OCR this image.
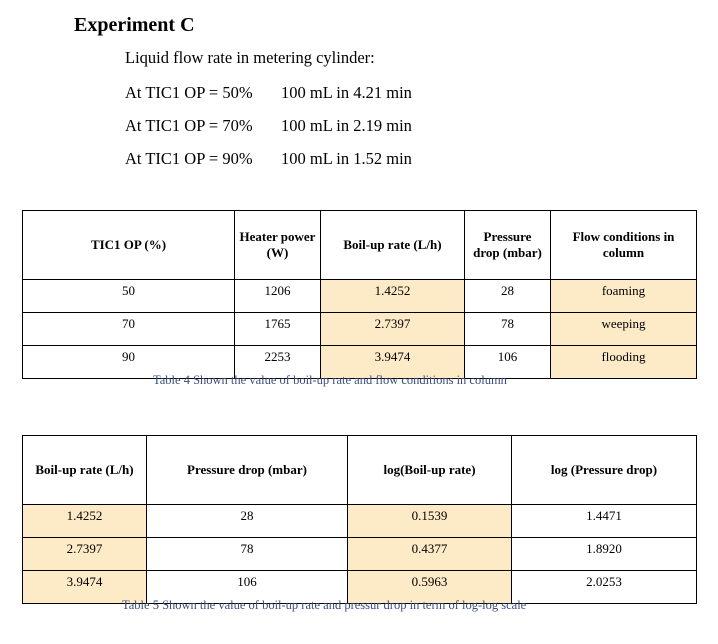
Experiment C
Liquid flow rate in metering cylinder:
At TIC1 OP = 50% 100 mL in 4.21 min
At TIC1 OP = 70% 100 mL in 2.19 min
At TIC1 OP = 90% 100 mL in 1.52 min
TIC1 OP (%)	Heater power (W)	Boil-up rate (L/h)	Pressure drop (mbar)	Flow conditions in column
50	1206	1.4252	28	foaming
70	1765	2.7397	78	weeping
90	2253	3.9474	106	flooding
Table 4 Shown the value of boil-up rate and flow conditions in column
Boil-up rate (L/h)	Pressure drop (mbar)	log(Boil-up rate)	log (Pressure drop)
1.4252	28	0.1539	1.4471
2.7397	78	0.4377	1.8920
3.9474	106	0.5963	2.0253
Table 5 Shown the value of boil-up rate and pressur drop in term of log-log scale
